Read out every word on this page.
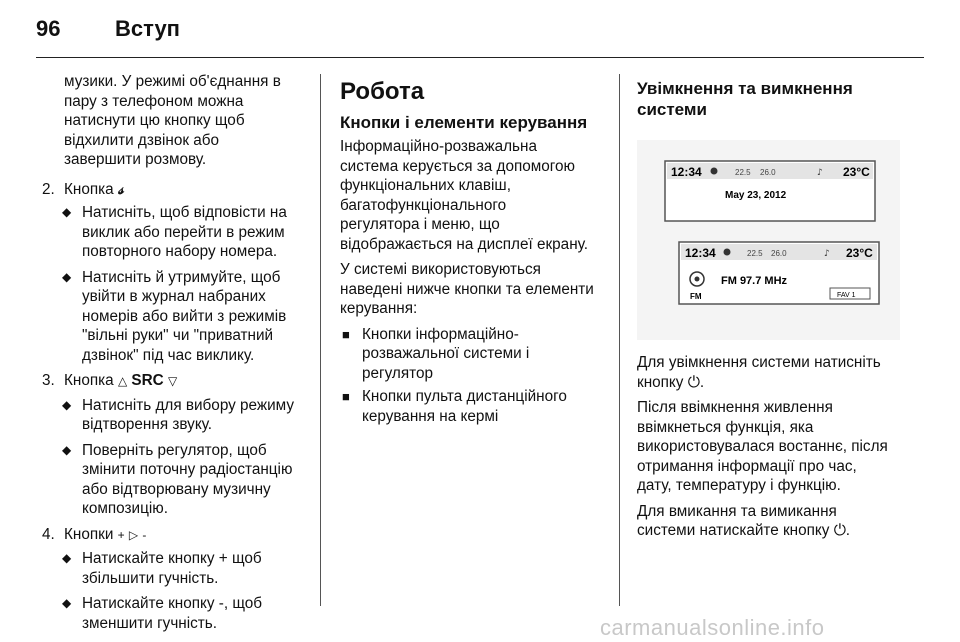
96 Вступ

музики. У режимі об'єднання в
пару з телефоном можна
натиснути цю кнопку щоб
відхилити дзвінок або
завершити розмову.

2. Кнопка 𝓈
◆ Натисніть, щоб відповісти на
виклик або перейти в режим
повторного набору номера.
◆ Натисніть й утримуйте, щоб
увійти в журнал набраних
номерів або вийти з режимів
"вільні руки" чи "приватний
дзвінок" під час виклику.
3. Кнопка △ SRC ▽
◆ Натисніть для вибору режиму
відтворення звуку.
◆ Поверніть регулятор, щоб
змінити поточну радіостанцію
або відтворювану музичну
композицію.
4. Кнопки + ▷ -
◆ Натискайте кнопку + щоб
збільшити гучність.
◆ Натискайте кнопку -, щоб
зменшити гучність.
Робота
Кнопки і елементи керування

Інформаційно-розважальна
система керується за допомогою
функціональних клавіш,
багатофункціонального
регулятора і меню, що
відображається на дисплеї екрану.

У системі використовуються
наведені нижче кнопки та елементи
керування:

■ Кнопки інформаційно-
розважальної системи і
регулятор
■ Кнопки пульта дистанційного
керування на кермі
Увімкнення та вимкнення
системи
12:34	22.5 26.0	♪ 23°C
May 23, 2012
12:34	22.5 26.0	♪ 23°C
FM
FM 97.7 MHz
FAV 1

Для увімкнення системи натисніть
кнопку ⏻.

Після ввімкнення живлення
ввімкнеться функція, яка
використовувалася востаннє, після
отримання інформації про час,
дату, температуру і функцію.

Для вмикання та вимикання
системи натискайте кнопку ⏻.

carmanualsonline.info
